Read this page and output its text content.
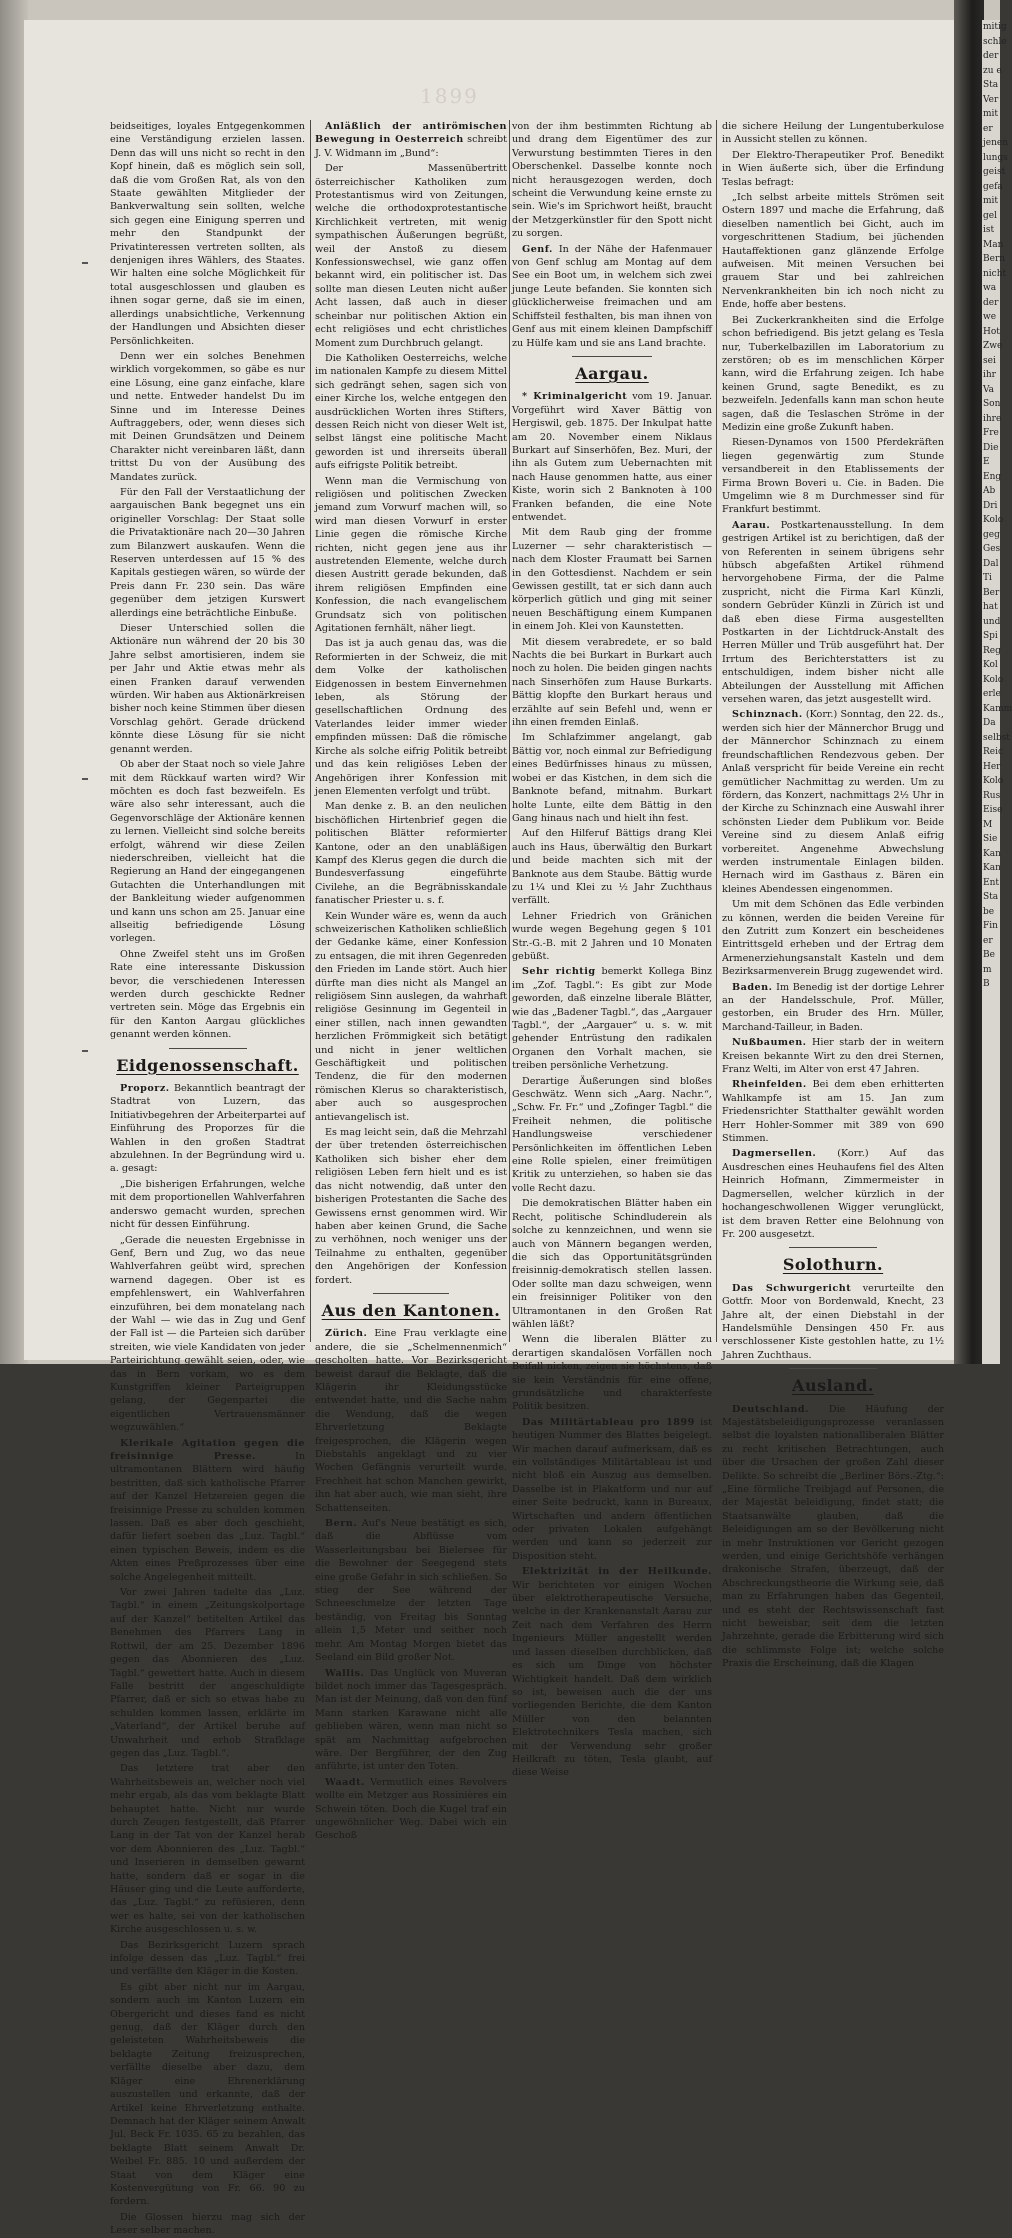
1899

beidseitiges, loyales Entgegenkommen eine Verständigung erzielen lassen. Denn das will uns nicht so recht in den Kopf hinein, daß es möglich sein soll, daß die vom Großen Rat, als von den Staate gewählten Mitglieder der Bankverwaltung sein sollten, welche sich gegen eine Einigung sperren und mehr den Standpunkt der Privatinteressen vertreten sollten, als denjenigen ihres Wählers, des Staates. Wir halten eine solche Möglichkeit für total ausgeschlossen und glauben es ihnen sogar gerne, daß sie im einen, allerdings unabsichtliche, Verkennung der Handlungen und Absichten dieser Persönlichkeiten.

Denn wer ein solches Benehmen wirklich vorgekommen, so gäbe es nur eine Lösung, eine ganz einfache, klare und nette. Entweder handelst Du im Sinne und im Interesse Deines Auftraggebers, oder, wenn dieses sich mit Deinen Grundsätzen und Deinem Charakter nicht vereinbaren läßt, dann trittst Du von der Ausübung des Mandates zurück.

Für den Fall der Verstaatlichung der aargauischen Bank begegnet uns ein origineller Vorschlag: Der Staat solle die Privataktionäre nach 20—30 Jahren zum Bilanzwert auskaufen. Wenn die Reserven unterdessen auf 15 % des Kapitals gestiegen wären, so würde der Preis dann Fr. 230 sein. Das wäre gegenüber dem jetzigen Kurswert allerdings eine beträchtliche Einbuße.

Dieser Unterschied sollen die Aktionäre nun während der 20 bis 30 Jahre selbst amortisieren, indem sie per Jahr und Aktie etwas mehr als einen Franken darauf verwenden würden. Wir haben aus Aktionärkreisen bisher noch keine Stimmen über diesen Vorschlag gehört. Gerade drückend könnte diese Lösung für sie nicht genannt werden.

Ob aber der Staat noch so viele Jahre mit dem Rückkauf warten wird? Wir möchten es doch fast bezweifeln. Es wäre also sehr interessant, auch die Gegenvorschläge der Aktionäre kennen zu lernen. Vielleicht sind solche bereits erfolgt, während wir diese Zeilen niederschreiben, vielleicht hat die Regierung an Hand der eingegangenen Gutachten die Unterhandlungen mit der Bankleitung wieder aufgenommen und kann uns schon am 25. Januar eine allseitig befriedigende Lösung vorlegen.

Ohne Zweifel steht uns im Großen Rate eine interessante Diskussion bevor, die verschiedenen Interessen werden durch geschickte Redner vertreten sein. Möge das Ergebnis ein für den Kanton Aargau glückliches genannt werden können.

Eidgenossenschaft.

Proporz. Bekanntlich beantragt der Stadtrat von Luzern, das Initiativbegehren der Arbeiterpartei auf Einführung des Proporzes für die Wahlen in den großen Stadtrat abzulehnen. In der Begründung wird u. a. gesagt:

„Die bisherigen Erfahrungen, welche mit dem proportionellen Wahlverfahren anderswo gemacht wurden, sprechen nicht für dessen Einführung.

„Gerade die neuesten Ergebnisse in Genf, Bern und Zug, wo das neue Wahlverfahren geübt wird, sprechen warnend dagegen. Ober ist es empfehlenswert, ein Wahlverfahren einzuführen, bei dem monatelang nach der Wahl — wie das in Zug und Genf der Fall ist — die Parteien sich darüber streiten, wie viele Kandidaten von jeder Parteirichtung gewählt seien, oder, wie das in Bern vorkam, wo es dem Kunstgriffen kleiner Parteigruppen gelang, der Gegenpartei die eigentlichen Vertrauensmänner wegzuwählen.“

Klerikale Agitation gegen die freisinnige Presse.	In ultramontanen Blättern wird häufig bestritten, daß sich katholische Pfarrer auf der Kanzel Hetzereien gegen die freisinnige Presse zu schulden kommen lassen. Daß es aber doch geschieht, dafür liefert soeben das „Luz. Tagbl.“ einen typischen Beweis, indem es die Akten eines Preßprozesses über eine solche Angelegenheit mitteilt.

Vor zwei Jahren tadelte das „Luz. Tagbl.“ in einem „Zeitungskolportage auf der Kanzel“ betitelten Artikel das Benehmen des Pfarrers Lang in Rottwil, der am 25. Dezember 1896 gegen das Abonnieren des „Luz. Tagbl.“ gewettert hatte. Auch in diesem Falle bestritt der angeschuldigte Pfarrer, daß er sich so etwas habe zu schulden kommen lassen, erklärte im „Vaterland“, der Artikel beruhe auf Unwahrheit und erhob Strafklage gegen das „Luz. Tagbl.“.

Das letztere trat aber den Wahrheitsbeweis an, welcher noch viel mehr ergab, als das vom beklagte Blatt behauptet hatte. Nicht nur wurde durch Zeugen festgestellt, daß Pfarrer Lang in der Tat von der Kanzel herab vor dem Abonnieren des „Luz. Tagbl.“ und Inserieren in demselben gewarnt hatte, sondern daß er sogar in die Häuser ging und die Leute aufforderte, das „Luz. Tagbl.“ zu refüsieren, denn wer es halte, sei von der katholischen Kirche ausgeschlossen u. s. w.

Das Bezirksgericht Luzern sprach infolge dessen das „Luz. Tagbl.“ frei und verfällte den Kläger in die Kosten.

Es gibt aber nicht nur im Aargau, sondern auch im Kanton Luzern ein Obergericht und dieses fand es nicht genug, daß der Kläger durch den geleisteten Wahrheitsbeweis die beklagte Zeitung freizusprechen, verfällte dieselbe aber dazu, dem Kläger eine Ehrenerklärung auszustellen und erkannte, daß der Artikel keine Ehrverletzung enthalte. Demnach hat der Kläger seinem Anwalt Jul. Beck Fr. 1035. 65 zu bezahlen, das beklagte Blatt seinem Anwalt Dr. Weibel Fr. 885. 10 und außerdem der Staat von dem Kläger eine Kostenvergütung von Fr. 66. 90 zu fordern.

Die Glossen hierzu mag sich der Leser selber machen.

Anläßlich der antirömischen Bewegung in Oesterreich schreibt J. V. Widmann im „Bund“:

Der Massenübertritt österreichischer Katholiken zum Protestantismus wird von Zeitungen, welche die orthodoxprotestantische Kirchlichkeit vertreten, mit wenig sympathischen Äußerungen begrüßt, weil der Anstoß zu diesem Konfessionswechsel, wie ganz offen bekannt wird, ein politischer ist. Das sollte man diesen Leuten nicht außer Acht lassen, daß auch in dieser scheinbar nur politischen Aktion ein echt religiöses und echt christliches Moment zum Durchbruch gelangt.

Die Katholiken Oesterreichs, welche im nationalen Kampfe zu diesem Mittel sich gedrängt sehen, sagen sich von einer Kirche los, welche entgegen den ausdrücklichen Worten ihres Stifters, dessen Reich nicht von dieser Welt ist, selbst längst eine politische Macht geworden ist und ihrerseits überall aufs eifrigste Politik betreibt.

Wenn man die Vermischung von religiösen und politischen Zwecken jemand zum Vorwurf machen will, so wird man diesen Vorwurf in erster Linie gegen die römische Kirche richten, nicht gegen jene aus ihr austretenden Elemente, welche durch diesen Austritt gerade bekunden, daß ihrem religiösen Empfinden eine Konfession, die nach evangelischem Grundsatz sich von politischen Agitationen fernhält, näher liegt.

Das ist ja auch genau das, was die Reformierten in der Schweiz, die mit dem Volke der katholischen Eidgenossen in bestem Einvernehmen leben, als Störung der gesellschaftlichen Ordnung des Vaterlandes leider immer wieder empfinden müssen: Daß die römische Kirche als solche eifrig Politik betreibt und das kein religiöses Leben der Angehörigen ihrer Konfession mit jenen Elementen verfolgt und trübt.

Man denke z. B. an den neulichen bischöflichen Hirtenbrief gegen die politischen Blätter reformierter Kantone, oder an den unabläßigen Kampf des Klerus gegen die durch die Bundesverfassung eingeführte Civilehe, an die Begräbnisskandale fanatischer Priester u. s. f.

Kein Wunder wäre es, wenn da auch schweizerischen Katholiken schließlich der Gedanke käme, einer Konfession zu entsagen, die mit ihren Gegenreden den Frieden im Lande stört. Auch hier dürfte man dies nicht als Mangel an religiösem Sinn auslegen, da wahrhaft religiöse Gesinnung im Gegenteil in einer stillen, nach innen gewandten herzlichen Frömmigkeit sich betätigt und nicht in jener weltlichen Geschäftigkeit und politischen Tendenz, die für den modernen römischen Klerus so charakteristisch, aber auch so ausgesprochen antievangelisch ist.

Es mag leicht sein, daß die Mehrzahl der über tretenden österreichischen Katholiken sich bisher eher dem religiösen Leben fern hielt und es ist das nicht notwendig, daß unter den bisherigen Protestanten die Sache des Gewissens ernst genommen wird. Wir haben aber keinen Grund, die Sache zu verhöhnen, noch weniger uns der Teilnahme zu enthalten, gegenüber den Angehörigen der Konfession fordert.

Aus den Kantonen.

Zürich. Eine Frau verklagte eine andere, die sie „Schelmennenmich“ gescholten hatte. Vor Bezirksgericht beweist darauf die Beklagte, daß die Klägerin ihr Kleidungsstücke entwendet hatte, und die Sache nahm die Wendung, daß die wegen Ehrverletzung Beklagte freigesprochen, die Klägerin wegen Diebstahls angeklagt und zu vier Wochen Gefängnis verurteilt wurde. Frechheit hat schon Manchen gewirkt, ihn hat aber auch, wie man sieht, ihre Schattenseiten.

Bern. Auf's Neue bestätigt es sich, daß die Abflüsse vom Wasserleitungsbau bei Bielersee für die Bewohner der Seegegend stets eine große Gefahr in sich schließen. So stieg der See während der Schneeschmelze der letzten Tage beständig, von Freitag bis Sonntag allein 1,5 Meter und seither noch mehr. Am Montag Morgen bietet das Seeland ein Bild großer Not.

Wallis. Das Unglück von Muveran bildet noch immer das Tagesgespräch. Man ist der Meinung, daß von den fünf Mann starken Karawane nicht alle geblieben wären, wenn man nicht so spät am Nachmittag aufgebrochen wäre. Der Bergführer, der den Zug anführte, ist unter den Toten.

Waadt. Vermutlich eines Revolvers wollte ein Metzger aus Rossinières ein Schwein töten. Doch die Kugel traf ein ungewöhnlicher Weg. Dabei wich ein Geschoß

von der ihm bestimmten Richtung ab und drang dem Eigentümer des zur Verwurstung bestimmten Tieres in den Oberschenkel. Dasselbe konnte noch nicht herausgezogen werden, doch scheint die Verwundung keine ernste zu sein. Wie's im Sprichwort heißt, braucht der Metzgerkünstler für den Spott nicht zu sorgen.

Genf. In der Nähe der Hafenmauer von Genf schlug am Montag auf dem See ein Boot um, in welchem sich zwei junge Leute befanden. Sie konnten sich glücklicherweise freimachen und am Schiffsteil festhalten, bis man ihnen von Genf aus mit einem kleinen Dampfschiff zu Hülfe kam und sie ans Land brachte.

Aargau.

* Kriminalgericht vom 19. Januar. Vorgeführt wird Xaver Bättig von Hergiswil, geb. 1875. Der Inkulpat hatte am 20. November einem Niklaus Burkart auf Sinserhöfen, Bez. Muri, der ihn als Gutem zum Uebernachten mit nach Hause genommen hatte, aus einer Kiste, worin sich 2 Banknoten à 100 Franken befanden, die eine Note entwendet.

Mit dem Raub ging der fromme Luzerner — sehr charakteristisch — nach dem Kloster Fraumatt bei Sarnen in den Gottesdienst. Nachdem er sein Gewissen gestillt, tat er sich dann auch körperlich gütlich und ging mit seiner neuen Beschäftigung einem Kumpanen in einem Joh. Klei von Kaunstetten.

Mit diesem verabredete, er so bald Nachts die bei Burkart in Burkart auch noch zu holen. Die beiden gingen nachts nach Sinserhöfen zum Hause Burkarts. Bättig klopfte den Burkart heraus und erzählte auf sein Befehl und, wenn er ihn einen fremden Einlaß.

Im Schlafzimmer angelangt, gab Bättig vor, noch einmal zur Befriedigung eines Bedürfnisses hinaus zu müssen, wobei er das Kistchen, in dem sich die Banknote befand, mitnahm. Burkart holte Lunte, eilte dem Bättig in den Gang hinaus nach und hielt ihn fest.

Auf den Hilferuf Bättigs drang Klei auch ins Haus, überwältig den Burkart und beide machten sich mit der Banknote aus dem Staube. Bättig wurde zu 1¼ und Klei zu ½ Jahr Zuchthaus verfällt.

Lehner Friedrich von Gränichen wurde wegen Begehung gegen § 101 Str.-G.-B. mit 2 Jahren und 10 Monaten gebüßt.

Sehr richtig bemerkt Kollega Binz im „Zof. Tagbl.“: Es gibt zur Mode geworden, daß einzelne liberale Blätter, wie das „Badener Tagbl.“, das „Aargauer Tagbl.“, der „Aargauer“ u. s. w. mit gehender Entrüstung den radikalen Organen den Vorhalt machen, sie treiben persönliche Verhetzung.

Derartige Äußerungen sind bloßes Geschwätz. Wenn sich „Aarg. Nachr.“, „Schw. Fr. Fr.“ und „Zofinger Tagbl.“ die Freiheit nehmen, die politische Handlungsweise verschiedener Persönlichkeiten im öffentlichen Leben eine Rolle spielen, einer freimütigen Kritik zu unterziehen, so haben sie das volle Recht dazu.

Die demokratischen Blätter haben ein Recht, politische Schindluderein als solche zu kennzeichnen, und wenn sie auch von Männern begangen werden, die sich das Opportunitätsgründen freisinnig-demokratisch stellen lassen. Oder sollte man dazu schweigen, wenn ein freisinniger Politiker von den Ultramontanen in den Großen Rat wählen läßt?

Wenn die liberalen Blätter zu derartigen skandalösen Vorfällen noch Beifall nicken, zeigen sie höchstens, daß sie kein Verständnis für eine offene, grundsätzliche und charakterfeste Politik besitzen.

Das Militärtableau pro 1899 ist heutigen Nummer des Blattes beigelegt. Wir machen darauf aufmerksam, daß es ein vollständiges Militärtableau ist und nicht bloß ein Auszug aus demselben. Dasselbe ist in Plakatform und nur auf einer Seite bedruckt, kann in Bureaux, Wirtschaften und andern öffentlichen oder privaten Lokalen aufgehängt werden und kann so jederzeit zur Disposition steht.

Elektrizität in der Heilkunde. Wir berichteten vor einigen Wochen über elektrotherapeutische Versuche, welche in der Krankenanstalt Aarau zur Zeit nach dem Verfahren des Herrn Ingenieurs Müller angestellt werden und lassen dieselben durchblicken, daß es sich um Dinge von höchster Wichtigkeit handelt. Daß dem wirklich so ist, beweisen auch die der uns vorliegenden Berichte, die dem Kanton Müller von den belannten Elektrotechnikers Tesla machen, sich mit der Verwendung sehr großer Heilkraft zu töten, Tesla glaubt, auf diese Weise

die sichere Heilung der Lungentuberkulose in Aussicht stellen zu können.

Der Elektro-Therapeutiker Prof. Benedikt in Wien äußerte sich, über die Erfindung Teslas befragt:

„Ich selbst arbeite mittels Strömen seit Ostern 1897 und mache die Erfahrung, daß dieselben namentlich bei Gicht, auch im vorgeschrittenen Stadium, bei jüchenden Hautaffektionen ganz glänzende Erfolge aufweisen. Mit meinen Versuchen bei grauem Star und bei zahlreichen Nervenkrankheiten bin ich noch nicht zu Ende, hoffe aber bestens.

Bei Zuckerkrankheiten sind die Erfolge schon befriedigend. Bis jetzt gelang es Tesla nur, Tuberkelbazillen im Laboratorium zu zerstören; ob es im menschlichen Körper kann, wird die Erfahrung zeigen. Ich habe keinen Grund, sagte Benedikt, es zu bezweifeln. Jedenfalls kann man schon heute sagen, daß die Teslaschen Ströme in der Medizin eine große Zukunft haben.

Riesen-Dynamos von 1500 Pferdekräften liegen gegenwärtig zum Stunde versandbereit in den Etablissements der Firma Brown Boveri u. Cie. in Baden. Die Umgelimn wie 8 m Durchmesser sind für Frankfurt bestimmt.

Aarau. Postkartenausstellung. In dem gestrigen Artikel ist zu berichtigen, daß der von Referenten in seinem übrigens sehr hübsch abgefaßten Artikel rühmend hervorgehobene Firma, der die Palme zuspricht, nicht die Firma Karl Künzli, sondern Gebrüder Künzli in Zürich ist und daß eben diese Firma ausgestellten Postkarten in der Lichtdruck-Anstalt des Herren Müller und Trüb ausgeführt hat. Der Irrtum des Berichterstatters ist zu entschuldigen, indem bisher nicht alle Abteilungen der Ausstellung mit Affichen versehen waren, das jetzt ausgestellt wird.

Schinznach. (Korr.) Sonntag, den 22. ds., werden sich hier der Männerchor Brugg und der Männerchor Schinznach zu einem freundschaftlichen Rendezvous geben. Der Anlaß verspricht für beide Vereine ein recht gemütlicher Nachmittag zu werden. Um zu fördern, das Konzert, nachmittags 2½ Uhr in der Kirche zu Schinznach eine Auswahl ihrer schönsten Lieder dem Publikum vor. Beide Vereine sind zu diesem Anlaß eifrig vorbereitet. Angenehme Abwechslung werden instrumentale Einlagen bilden. Hernach wird im Gasthaus z. Bären ein kleines Abendessen eingenommen.

Um mit dem Schönen das Edle verbinden zu können, werden die beiden Vereine für den Zutritt zum Konzert ein bescheidenes Eintrittsgeld erheben und der Ertrag dem Armenerziehungsanstalt Kasteln und dem Bezirksarmenverein Brugg zugewendet wird.

Baden. Im Benedig ist der dortige Lehrer an der Handelsschule, Prof. Müller, gestorben, ein Bruder des Hrn. Müller, Marchand-Tailleur, in Baden.

Nußbaumen. Hier starb der in weitern Kreisen bekannte Wirt zu den drei Sternen, Franz Welti, im Alter von erst 47 Jahren.

Rheinfelden. Bei dem eben erhitterten Wahlkampfe ist am 15. Jan zum Friedensrichter Statthalter gewählt worden Herr Hohler-Sommer mit 389 von 690 Stimmen.

Dagmersellen. (Korr.) Auf das Ausdreschen eines Heuhaufens fiel des Alten Heinrich Hofmann, Zimmermeister in Dagmersellen, welcher kürzlich in der hochangeschwollenen Wigger verunglückt, ist dem braven Retter eine Belohnung von Fr. 200 ausgesetzt.

Solothurn.

Das Schwurgericht verurteilte den Gottfr. Moor von Bordenwald, Knecht, 23 Jahre alt, der einen Diebstahl in der Handelsmühle Densingen 450 Fr. aus verschlossener Kiste gestohlen hatte, zu 1½ Jahren Zuchthaus.

Ausland.

Deutschland. Die Häufung der Majestätsbeleidigungsprozesse veranlassen selbst die loyalsten nationalliberalen Blätter zu recht kritischen Betrachtungen, auch über die Ursachen der großen Zahl dieser Delikte. So schreibt die „Berliner Börs.-Ztg.“: „Eine förmliche Treibjagd auf Personen, die der Majestät beleidigung, findet statt; die Staatsanwälte glauben, daß die Beleidigungen am so der Bevölkerung nicht in mehr Instruktionen vor Gericht gezogen werden, und einige Gerichtshöfe verhängen drakonische Strafen, überzeugt, daß der Abschreckungstheorie die Wirkung seie, daß man zu Erfahrungen haben das Gegenteil, und es steht der Rechtswissenschaft fast nicht beweisbar, seit dem die letzten Jahrzehnte, gerade die Erbitterung wird sich die schlimmste Folge ist; welche solche Praxis die Erscheinung, daß die Klagen

mitig

schle

der

zu e

Sta

Ver

mit

er

jenen

lungs

geist

gefa

mit

gel

ist

Man

Bern

nicht

wa

der

we

Hot

Zwe

sei

ihr

Va

Son

ihre

Fre

Die

E

Eng

Ab

Dri

Kolo

geg

Ges

Dal

Ti

Ber

hat

und

Spi

Reg

Kol

Kolo

erle

Kamm

Da

selbst

Reic

Her

Kolo

Rus

Eise

M

Sie

Kan

Kan

Ent

Sta

be

Fin

er

Be

m

B
